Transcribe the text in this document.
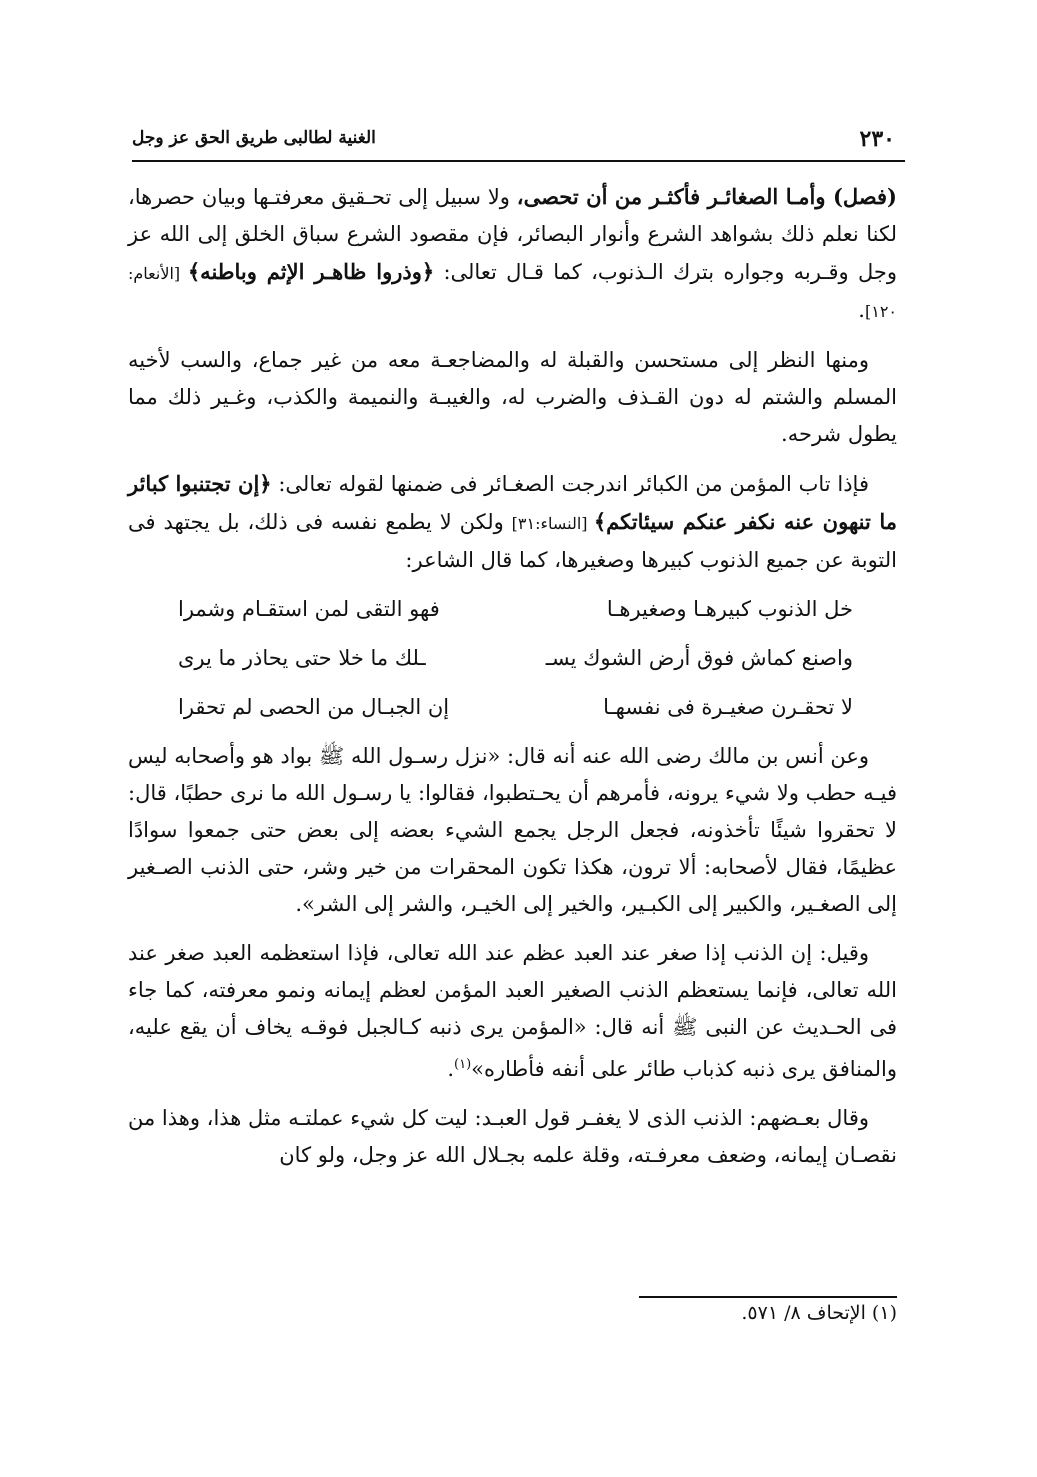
٢٣٠
الغنية لطالبى طريق الحق عز وجل

(فصل) وأمـا الصغائـر فأكثـر من أن تحصى، ولا سبيل إلى تحـقيق معرفتـها وبيان حصرها، لكنا نعلم ذلك بشواهد الشرع وأنوار البصائر، فإن مقصود الشرع سباق الخلق إلى الله عز وجل وقـربه وجواره بترك الـذنوب، كما قـال تعالى: ﴿وذروا ظاهـر الإثم وباطنه﴾ [الأنعام: ١٢٠].

ومنها النظر إلى مستحسن والقبلة له والمضاجعـة معه من غير جماع، والسب لأخيه المسلم والشتم له دون القـذف والضرب له، والغيبـة والنميمة والكذب، وغـير ذلك مما يطول شرحه.

فإذا تاب المؤمن من الكبائر اندرجت الصغـائر فى ضمنها لقوله تعالى: ﴿إن تجتنبوا كبائر ما تنهون عنه نكفر عنكم سيئاتكم﴾ [النساء:٣١] ولكن لا يطمع نفسه فى ذلك، بل يجتهد فى التوبة عن جميع الذنوب كبيرها وصغيرها، كما قال الشاعر:

خل الذنوب كبيرهـا وصغيرهـا
فهو التقى لمن استقـام وشمرا
واصنع كماش فوق أرض الشوك يسـ
ـلك ما خلا حتى يحاذر ما يرى
لا تحقـرن صغيـرة فى نفسهـا
إن الجبـال من الحصى لم تحقرا

وعن أنس بن مالك رضى الله عنه أنه قال: «نزل رسـول الله ﷺ بواد هو وأصحابه ليس فيـه حطب ولا شيء يرونه، فأمرهم أن يحـتطبوا، فقالوا: يا رسـول الله ما نرى حطبًا، قال: لا تحقروا شيئًا تأخذونه، فجعل الرجل يجمع الشيء بعضه إلى بعض حتى جمعوا سوادًا عظيمًا، فقال لأصحابه: ألا ترون، هكذا تكون المحقرات من خير وشر، حتى الذنب الصـغير إلى الصغـير، والكبير إلى الكبـير، والخير إلى الخيـر، والشر إلى الشر».

وقيل: إن الذنب إذا صغر عند العبد عظم عند الله تعالى، فإذا استعظمه العبد صغر عند الله تعالى، فإنما يستعظم الذنب الصغير العبد المؤمن لعظم إيمانه ونمو معرفته، كما جاء فى الحـديث عن النبى ﷺ أنه قال: «المؤمن يرى ذنبه كـالجبل فوقـه يخاف أن يقع عليه، والمنافق يرى ذنبه كذباب طائر على أنفه فأطاره»$^{(١)}$.

وقال بعـضهم: الذنب الذى لا يغفـر قول العبـد: ليت كل شيء عملتـه مثل هذا، وهذا من نقصـان إيمانه، وضعف معرفـته، وقلة علمه بجـلال الله عز وجل، ولو كان

(١) الإتحاف ٨/ ٥٧١.
